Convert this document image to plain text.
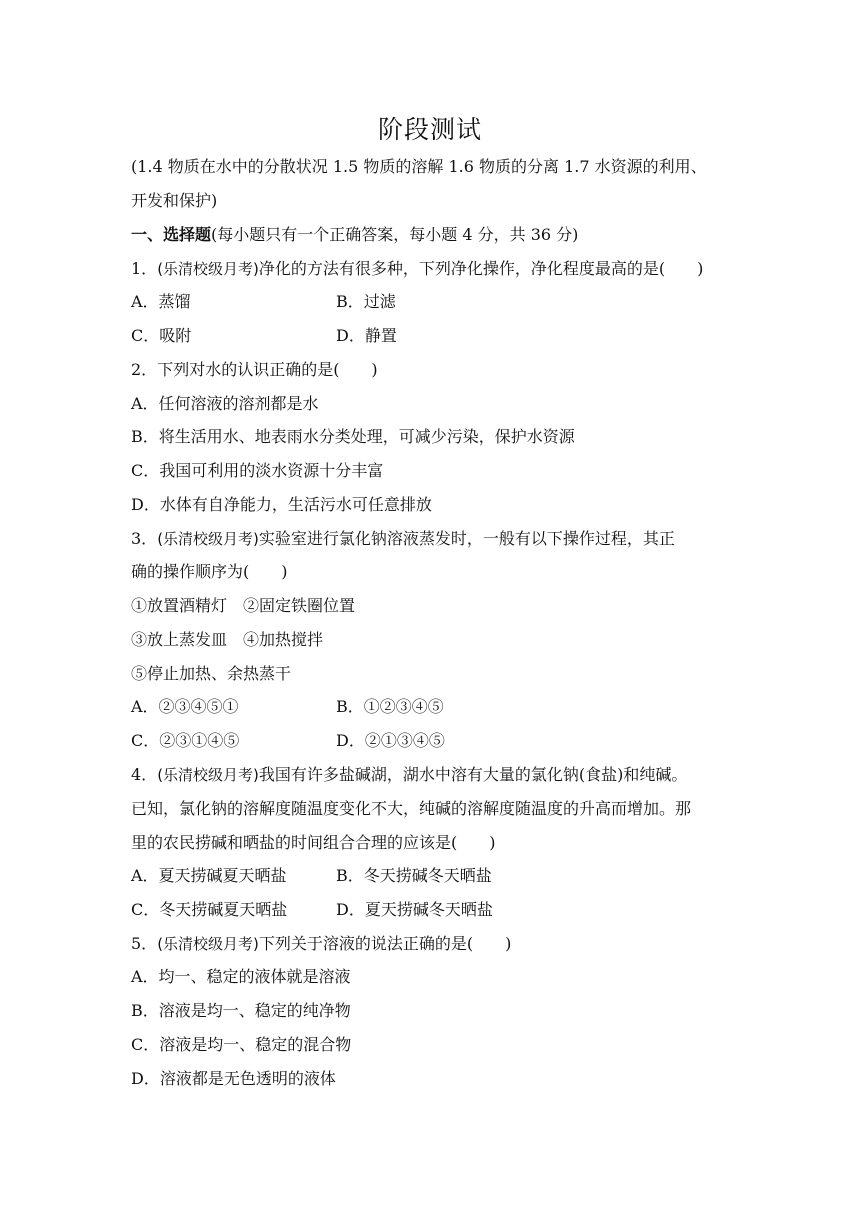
阶段测试
(1.4 物质在水中的分散状况 1.5 物质的溶解 1.6 物质的分离 1.7 水资源的利用、
开发和保护)
一、选择题(每小题只有一个正确答案，每小题 4 分，共 36 分)
1．(乐清校级月考)净化的方法有很多种，下列净化操作，净化程度最高的是(　　)
A．蒸馏	B．过滤
C．吸附	D．静置
2．下列对水的认识正确的是(　　)
A．任何溶液的溶剂都是水
B．将生活用水、地表雨水分类处理，可减少污染，保护水资源
C．我国可利用的淡水资源十分丰富
D．水体有自净能力，生活污水可任意排放
3．(乐清校级月考)实验室进行氯化钠溶液蒸发时，一般有以下操作过程，其正
确的操作顺序为(　　)
①放置酒精灯　②固定铁圈位置
③放上蒸发皿　④加热搅拌
⑤停止加热、余热蒸干
A．②③④⑤①	B．①②③④⑤
C．②③①④⑤	D．②①③④⑤
4．(乐清校级月考)我国有许多盐碱湖，湖水中溶有大量的氯化钠(食盐)和纯碱。
已知，氯化钠的溶解度随温度变化不大，纯碱的溶解度随温度的升高而增加。那
里的农民捞碱和晒盐的时间组合合理的应该是(　　)
A．夏天捞碱夏天晒盐	B．冬天捞碱冬天晒盐
C．冬天捞碱夏天晒盐	D．夏天捞碱冬天晒盐
5．(乐清校级月考)下列关于溶液的说法正确的是(　　)
A．均一、稳定的液体就是溶液
B．溶液是均一、稳定的纯净物
C．溶液是均一、稳定的混合物
D．溶液都是无色透明的液体
